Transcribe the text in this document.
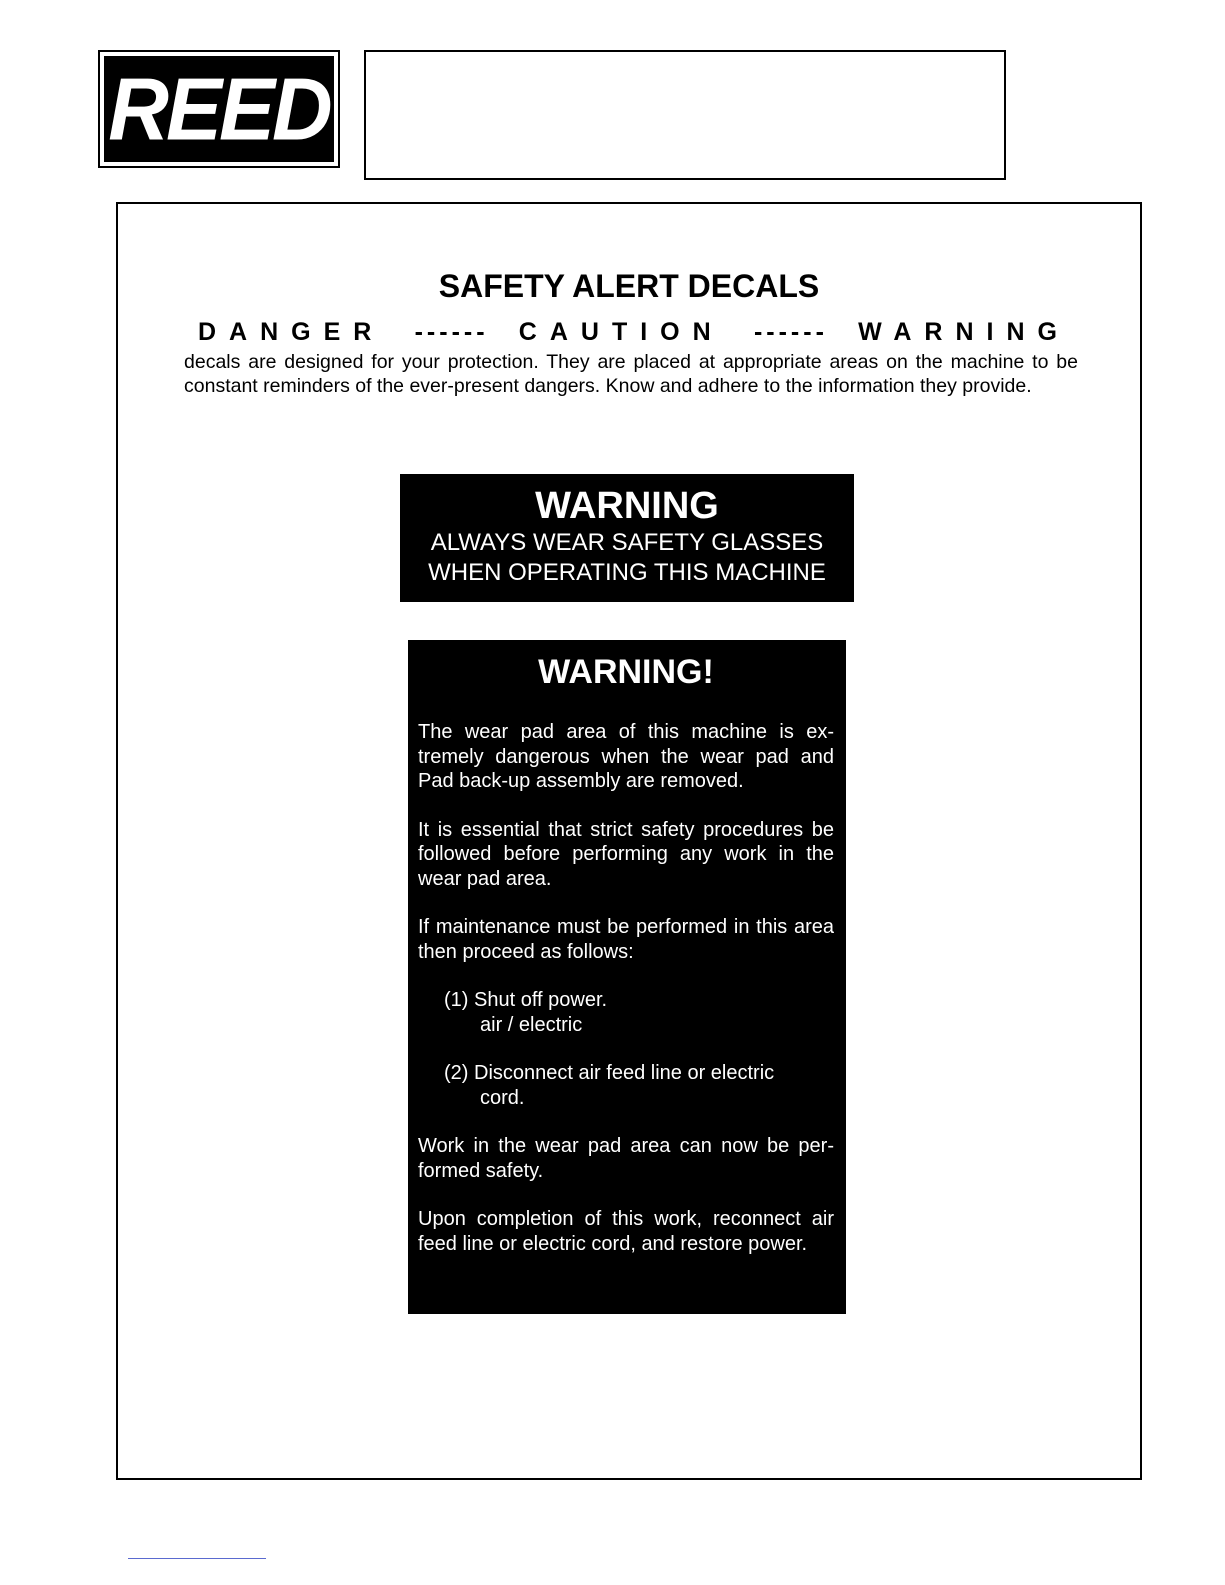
REED
SAFETY ALERT DECALS
DANGER ------ CAUTION ------ WARNING
decals are designed for your protection. They are placed at appropriate areas on the machine to be constant reminders of the ever-present dangers. Know and adhere to the information they provide.
WARNING
ALWAYS WEAR SAFETY GLASSES
WHEN OPERATING THIS MACHINE
WARNING!

The wear pad area of this machine is ex-tremely dangerous when the wear pad and Pad back-up assembly are removed.

It is essential that strict safety procedures be followed before performing any work in the wear pad area.

If maintenance must be performed in this area then proceed as follows:

(1) Shut off power.
air / electric
(2) Disconnect air feed line or electric
cord.

Work in the wear pad area can now be per-formed safety.

Upon completion of this work, reconnect air feed line or electric cord, and restore power.
